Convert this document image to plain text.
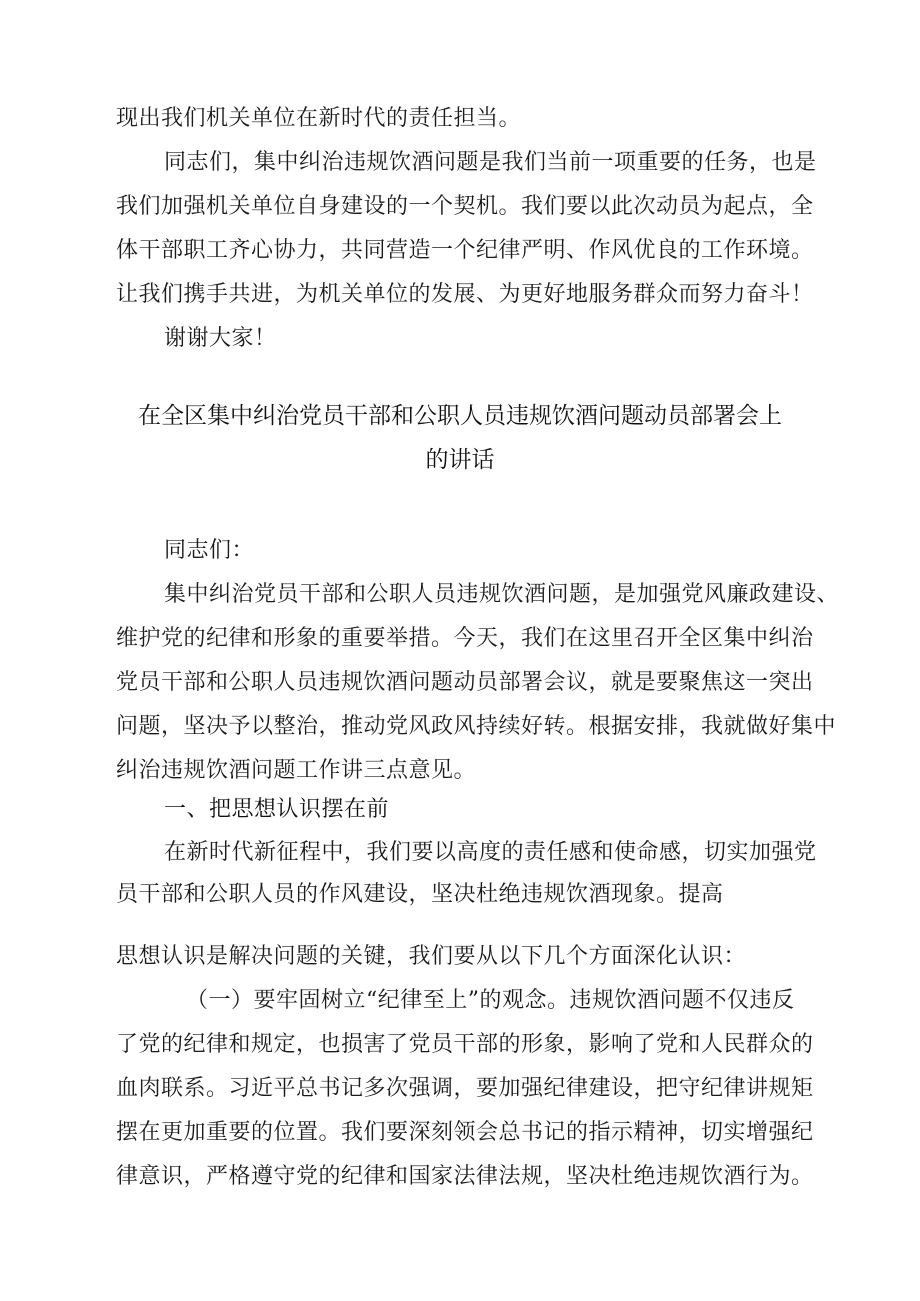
现出我们机关单位在新时代的责任担当。
同志们，集中纠治违规饮酒问题是我们当前一项重要的任务，也是
我们加强机关单位自身建设的一个契机。我们要以此次动员为起点，全
体干部职工齐心协力，共同营造一个纪律严明、作风优良的工作环境。
让我们携手共进，为机关单位的发展、为更好地服务群众而努力奋斗！
谢谢大家！
在全区集中纠治党员干部和公职人员违规饮酒问题动员部署会上
的讲话
同志们：
集中纠治党员干部和公职人员违规饮酒问题，是加强党风廉政建设、
维护党的纪律和形象的重要举措。今天，我们在这里召开全区集中纠治
党员干部和公职人员违规饮酒问题动员部署会议，就是要聚焦这一突出
问题，坚决予以整治，推动党风政风持续好转。根据安排，我就做好集中
纠治违规饮酒问题工作讲三点意见。
一、把思想认识摆在前
在新时代新征程中，我们要以高度的责任感和使命感，切实加强党
员干部和公职人员的作风建设，坚决杜绝违规饮酒现象。提高
思想认识是解决问题的关键，我们要从以下几个方面深化认识：
（一）要牢固树立“纪律至上”的观念。违规饮酒问题不仅违反
了党的纪律和规定，也损害了党员干部的形象，影响了党和人民群众的
血肉联系。习近平总书记多次强调，要加强纪律建设，把守纪律讲规矩
摆在更加重要的位置。我们要深刻领会总书记的指示精神，切实增强纪
律意识，严格遵守党的纪律和国家法律法规，坚决杜绝违规饮酒行为。
